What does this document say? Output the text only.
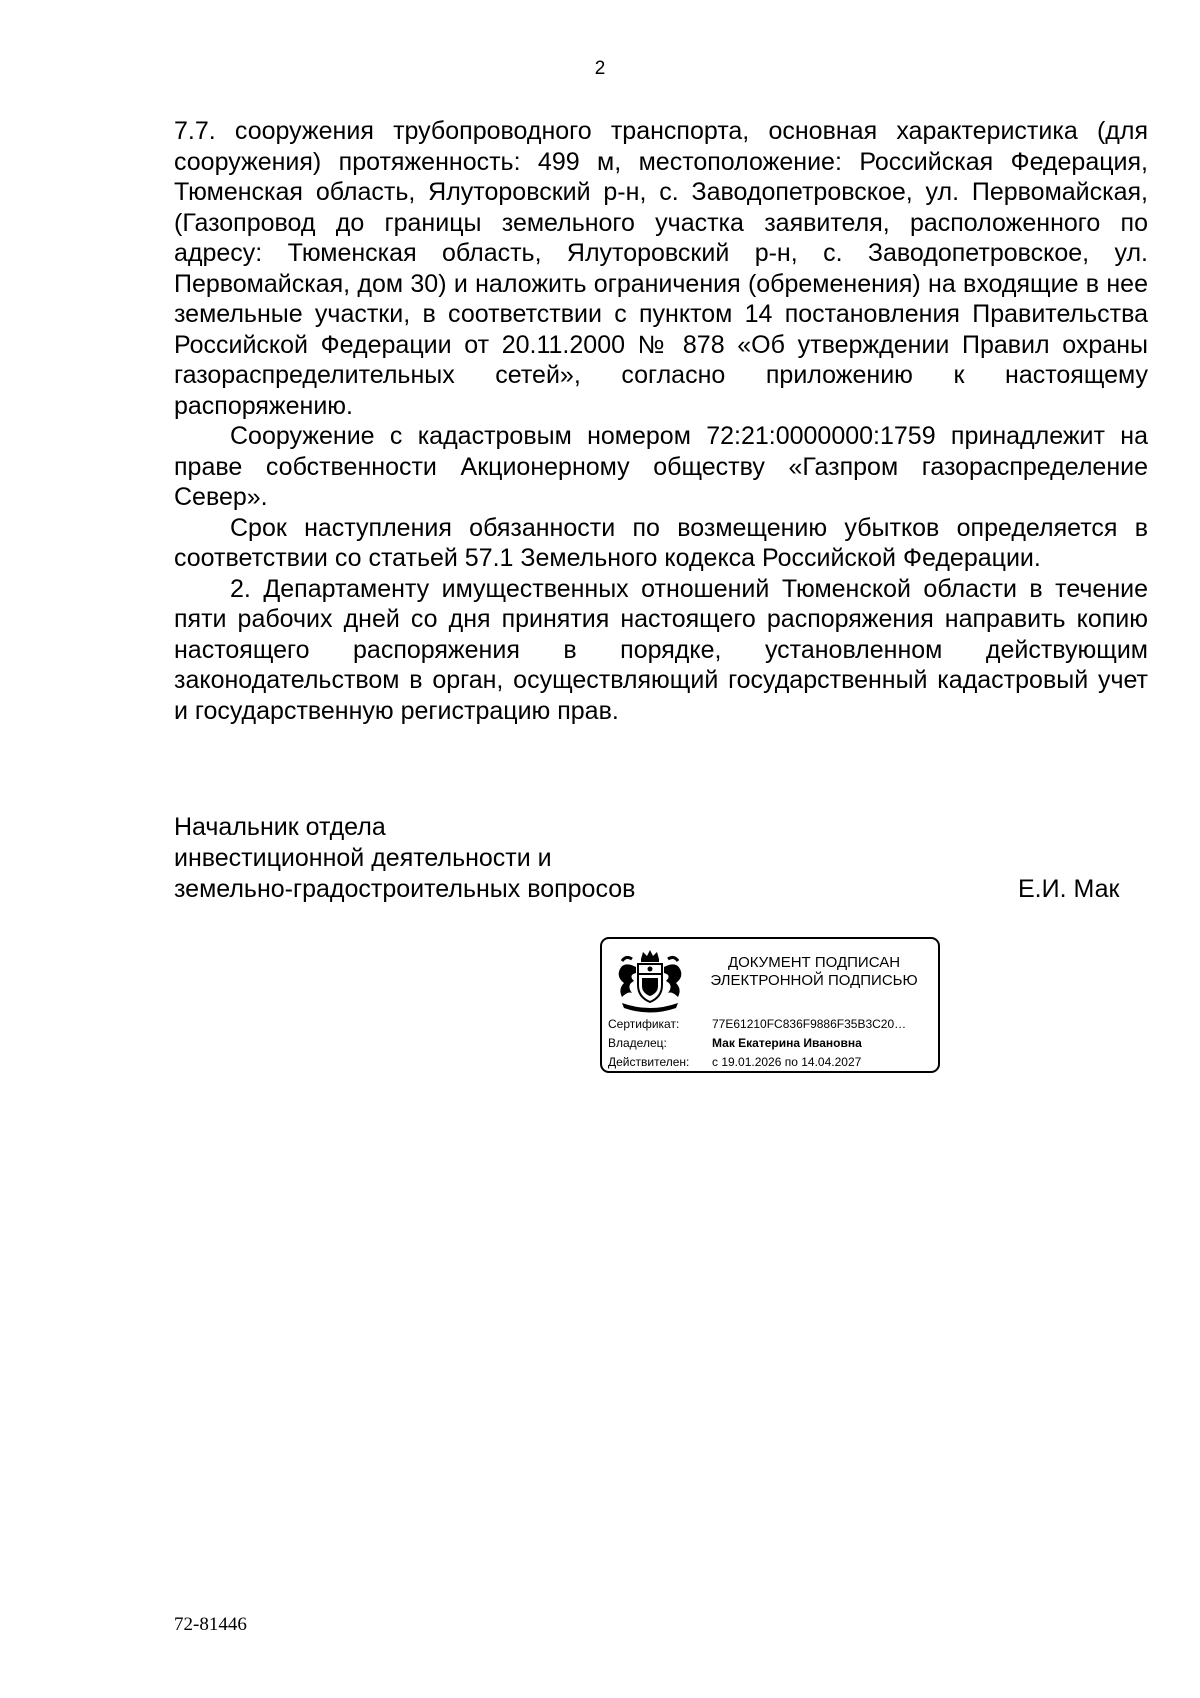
2

7.7. сооружения трубопроводного транспорта, основная характеристика (для сооружения) протяженность: 499 м, местоположение: Российская Федерация, Тюменская область, Ялуторовский р-н, с. Заводопетровское, ул. Первомайская, (Газопровод до границы земельного участка заявителя, расположенного по адресу: Тюменская область, Ялуторовский р-н, с. Заводопетровское, ул. Первомайская, дом 30) и наложить ограничения (обременения) на входящие в нее земельные участки, в соответствии с пунктом 14 постановления Правительства Российской Федерации от 20.11.2000 № 878 «Об утверждении Правил охраны газораспределительных сетей», согласно приложению к настоящему распоряжению.

Сооружение с кадастровым номером 72:21:0000000:1759 принадлежит на праве собственности Акционерному обществу «Газпром газораспределение Север».

Срок наступления обязанности по возмещению убытков определяется в соответствии со статьей 57.1 Земельного кодекса Российской Федерации.

2. Департаменту имущественных отношений Тюменской области в течение пяти рабочих дней со дня принятия настоящего распоряжения направить копию настоящего распоряжения в порядке, установленном действующим законодательством в орган, осуществляющий государственный кадастровый учет и государственную регистрацию прав.

Начальник отдела
инвестиционной деятельности и
земельно-градостроительных вопросов	Е.И. Мак
ДОКУМЕНТ ПОДПИСАН
ЭЛЕКТРОННОЙ ПОДПИСЬЮ
Сертификат:	77E61210FC836F9886F35B3C20…
Владелец:	Мак Екатерина Ивановна
Действителен:	с 19.01.2026 по 14.04.2027
72-81446
